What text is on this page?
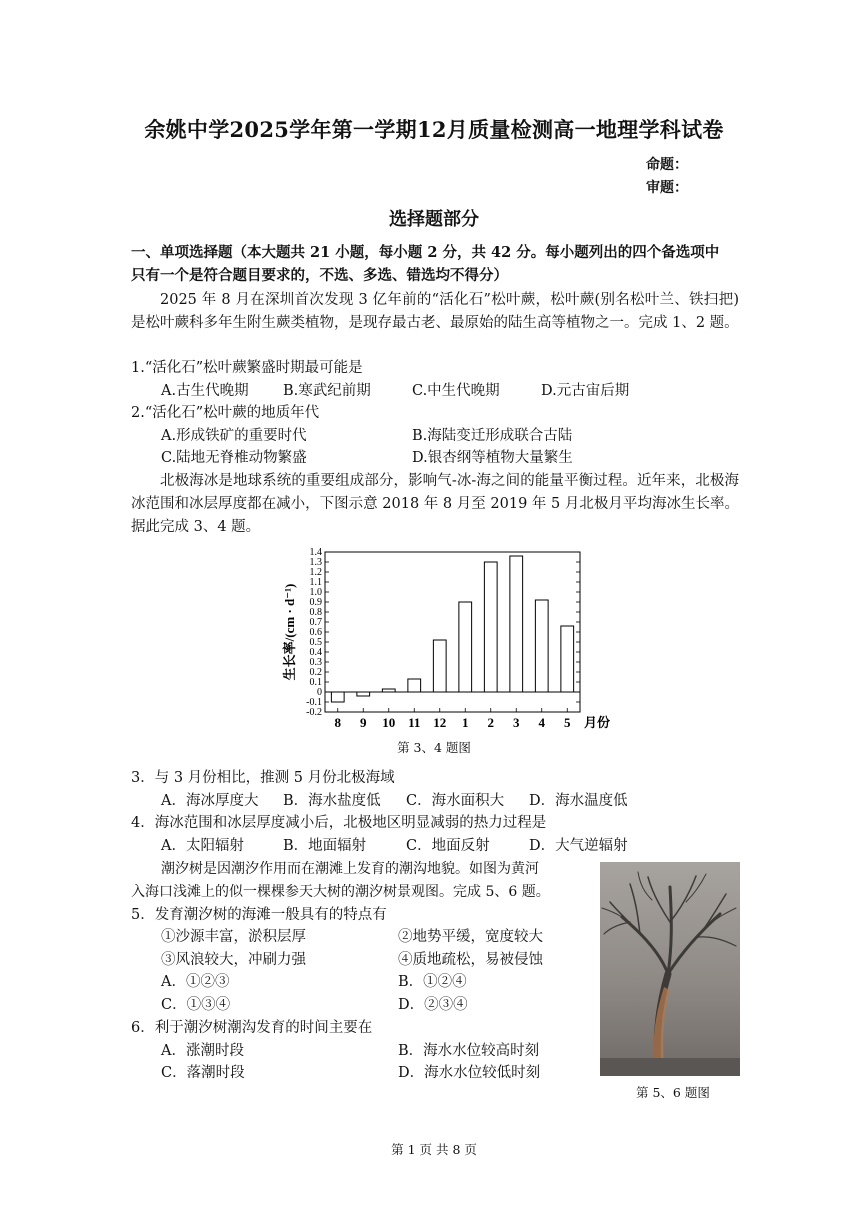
余姚中学2025学年第一学期12月质量检测高一地理学科试卷
命题：
审题：
选择题部分
一、单项选择题（本大题共 21 小题，每小题 2 分，共 42 分。每小题列出的四个备选项中
只有一个是符合题目要求的，不选、多选、错选均不得分）
2025 年 8 月在深圳首次发现 3 亿年前的“活化石”松叶蕨，松叶蕨(别名松叶兰、铁扫把)是松叶蕨科多年生附生蕨类植物，是现存最古老、最原始的陆生高等植物之一。完成 1、2 题。
1.“活化石”松叶蕨繁盛时期最可能是
A.古生代晚期 B.寒武纪前期	C.中生代晚期	D.元古宙后期
2.“活化石”松叶蕨的地质年代
A.形成铁矿的重要时代	B.海陆变迁形成联合古陆
C.陆地无脊椎动物繁盛	D.银杏纲等植物大量繁生
北极海冰是地球系统的重要组成部分，影响气-冰-海之间的能量平衡过程。近年来，北极海冰范围和冰层厚度都在减小，下图示意 2018 年 8 月至 2019 年 5 月北极月平均海冰生长率。据此完成 3、4 题。
1.4
1.3
1.2
1.1
1.0
0.9
0.8
0.7
0.6
0.5
0.4
0.3
0.2
0.1
0
-0.1
-0.2
8 9 10 11 12 1 2 3 4 5 月份
生长率/(cm · d⁻¹)
第 3、4 题图
3．与 3 月份相比，推测 5 月份北极海域
A．海冰厚度大 B．海水盐度低 C．海水面积大 D．海水温度低
4．海冰范围和冰层厚度减小后，北极地区明显减弱的热力过程是
A．太阳辐射	B．地面辐射	C．地面反射	D．大气逆辐射
潮汐树是因潮汐作用而在潮滩上发育的潮沟地貌。如图为黄河
入海口浅滩上的似一棵棵参天大树的潮汐树景观图。完成 5、6 题。
5．发育潮汐树的海滩一般具有的特点有
①沙源丰富，淤积层厚	②地势平缓，宽度较大
③风浪较大，冲刷力强	④质地疏松，易被侵蚀
A．①②③	B．①②④
C．①③④	D．②③④
6．利于潮汐树潮沟发育的时间主要在
A．涨潮时段	B．海水水位较高时刻
C．落潮时段	D．海水水位较低时刻
第 5、6 题图
第 1 页 共 8 页
